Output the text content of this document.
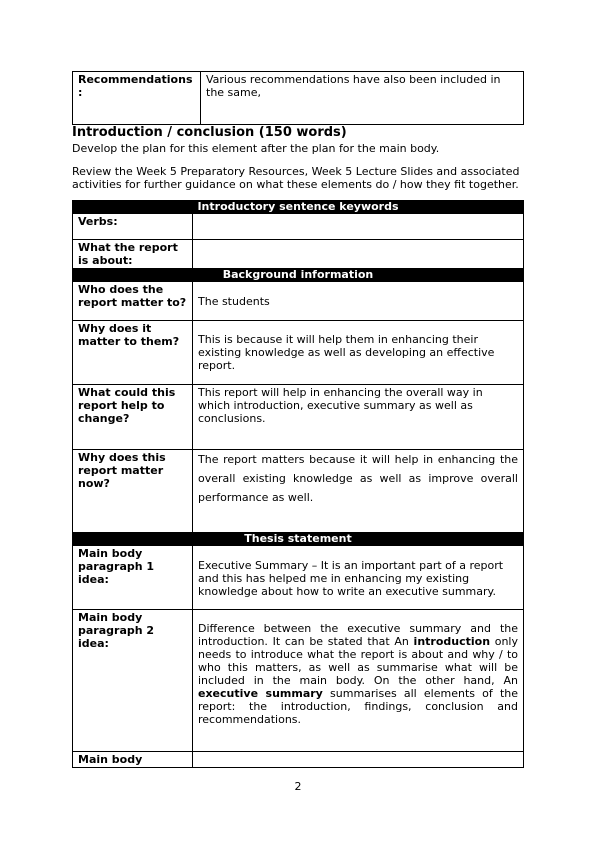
Recommendations :	Various recommendations have also been included in the same,
Introduction / conclusion (150 words)

Develop the plan for this element after the plan for the main body.

Review the Week 5 Preparatory Resources, Week 5 Lecture Slides and associated activities for further guidance on what these elements do / how they fit together.

Introductory sentence keywords	
Verbs:	
What the report is about:	
Background information	
Who does the report matter to?	The students
Why does it matter to them?	This is because it will help them in enhancing their existing knowledge as well as developing an effective report.
What could this report help to change?	This report will help in enhancing the overall way in which introduction, executive summary as well as conclusions.
Why does this report matter now?	The report matters because it will help in enhancing the overall existing knowledge as well as improve overall performance as well.
Thesis statement	
Main body paragraph 1 idea:	Executive Summary – It is an important part of a report and this has helped me in enhancing my existing knowledge about how to write an executive summary.
Main body paragraph 2 idea:	Difference between the executive summary and the introduction. It can be stated that An introduction only needs to introduce what the report is about and why / to who this matters, as well as summarise what will be included in the main body. On the other hand, An executive summary summarises all elements of the report: the introduction, findings, conclusion and recommendations.
Main body	
2
